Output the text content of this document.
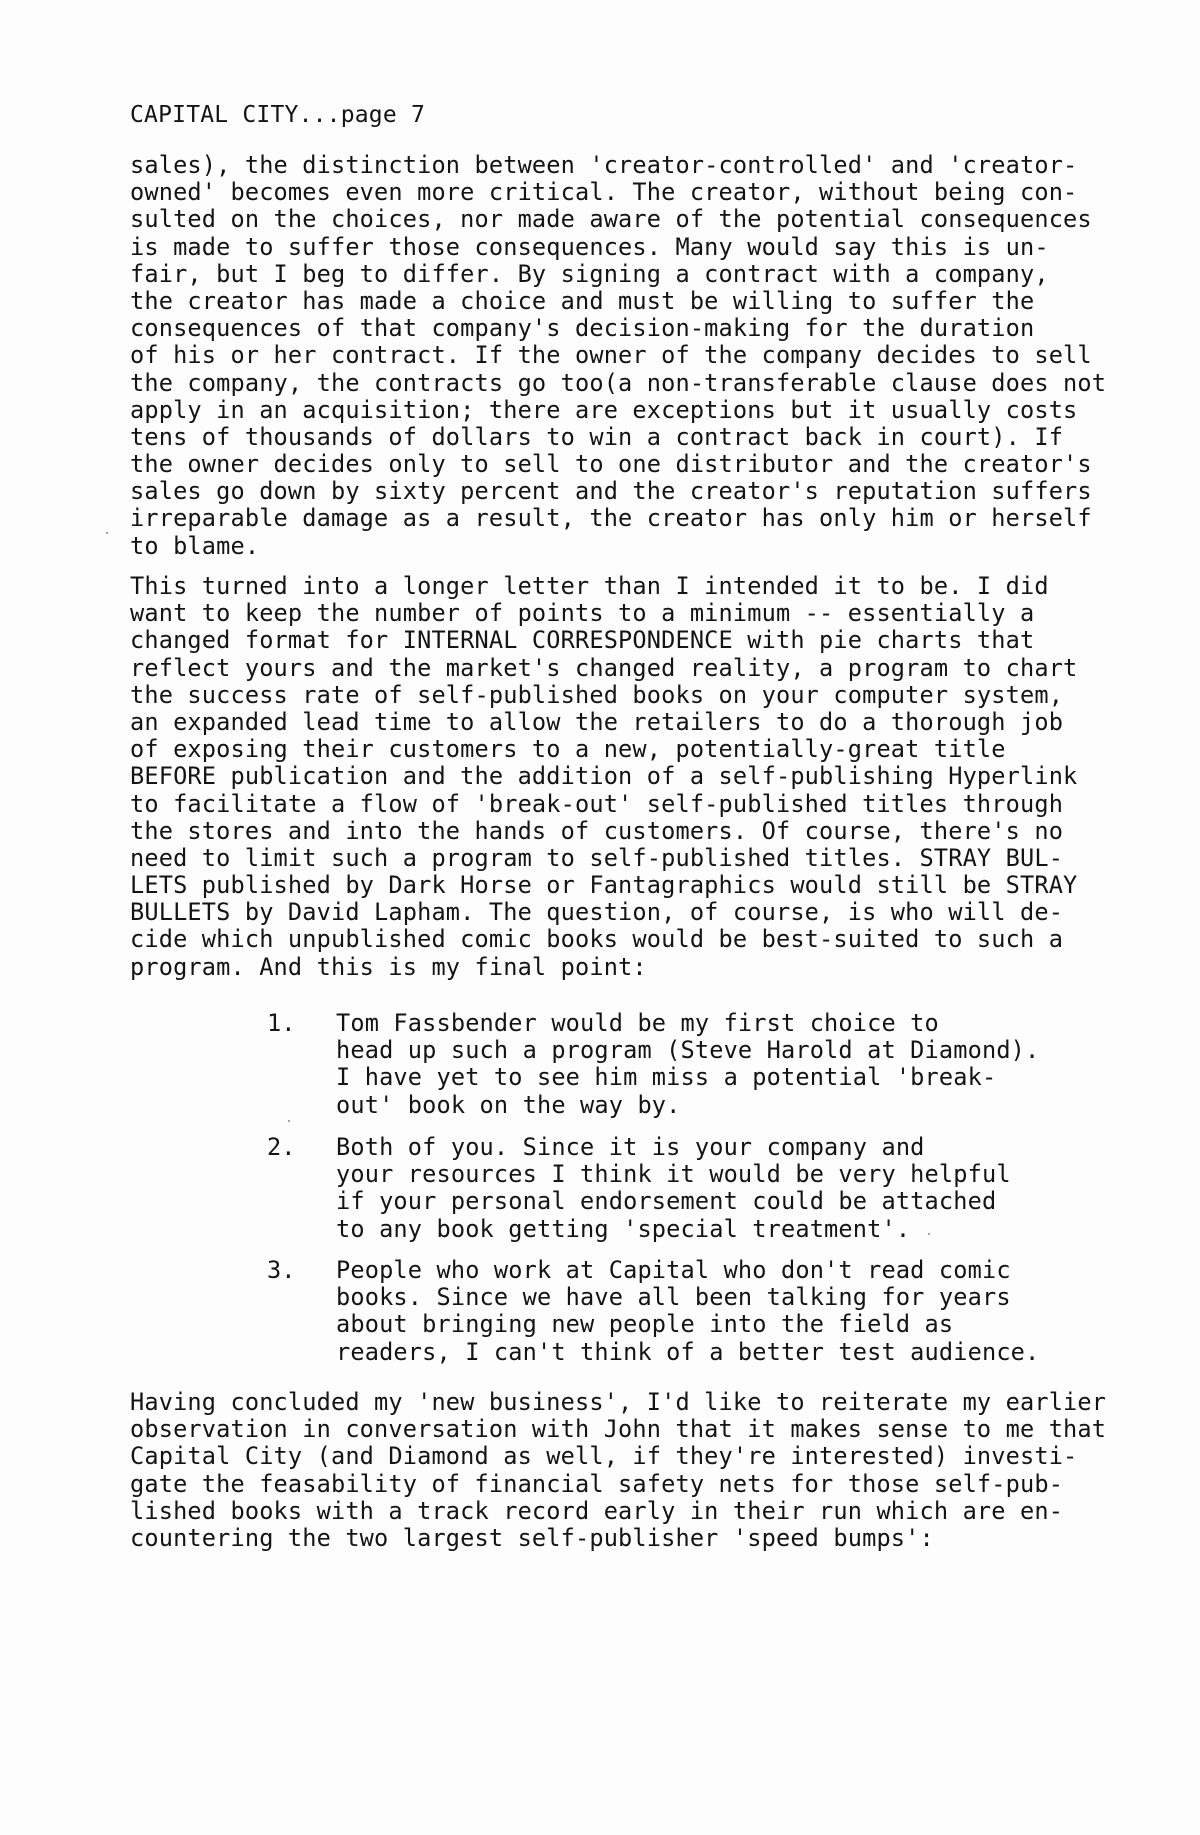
CAPITAL CITY...page 7
sales), the distinction between 'creator-controlled' and 'creator-
owned' becomes even more critical. The creator, without being con-
sulted on the choices, nor made aware of the potential consequences
is made to suffer those consequences. Many would say this is un-
fair, but I beg to differ. By signing a contract with a company,
the creator has made a choice and must be willing to suffer the
consequences of that company's decision-making for the duration
of his or her contract. If the owner of the company decides to sell
the company, the contracts go too(a non-transferable clause does not
apply in an acquisition; there are exceptions but it usually costs
tens of thousands of dollars to win a contract back in court). If
the owner decides only to sell to one distributor and the creator's
sales go down by sixty percent and the creator's reputation suffers
irreparable damage as a result, the creator has only him or herself
to blame.
This turned into a longer letter than I intended it to be. I did
want to keep the number of points to a minimum -- essentially a
changed format for INTERNAL CORRESPONDENCE with pie charts that
reflect yours and the market's changed reality, a program to chart
the success rate of self-published books on your computer system,
an expanded lead time to allow the retailers to do a thorough job
of exposing their customers to a new, potentially-great title
BEFORE publication and the addition of a self-publishing Hyperlink
to facilitate a flow of 'break-out' self-published titles through
the stores and into the hands of customers. Of course, there's no
need to limit such a program to self-published titles. STRAY BUL-
LETS published by Dark Horse or Fantagraphics would still be STRAY
BULLETS by David Lapham. The question, of course, is who will de-
cide which unpublished comic books would be best-suited to such a
program. And this is my final point:
1. Tom Fassbender would be my first choice to
head up such a program (Steve Harold at Diamond).
I have yet to see him miss a potential 'break-
out' book on the way by.
2. Both of you. Since it is your company and
your resources I think it would be very helpful
if your personal endorsement could be attached
to any book getting 'special treatment'.
3. People who work at Capital who don't read comic
books. Since we have all been talking for years
about bringing new people into the field as
readers, I can't think of a better test audience.
Having concluded my 'new business', I'd like to reiterate my earlier
observation in conversation with John that it makes sense to me that
Capital City (and Diamond as well, if they're interested) investi-
gate the feasability of financial safety nets for those self-pub-
lished books with a track record early in their run which are en-
countering the two largest self-publisher 'speed bumps':
